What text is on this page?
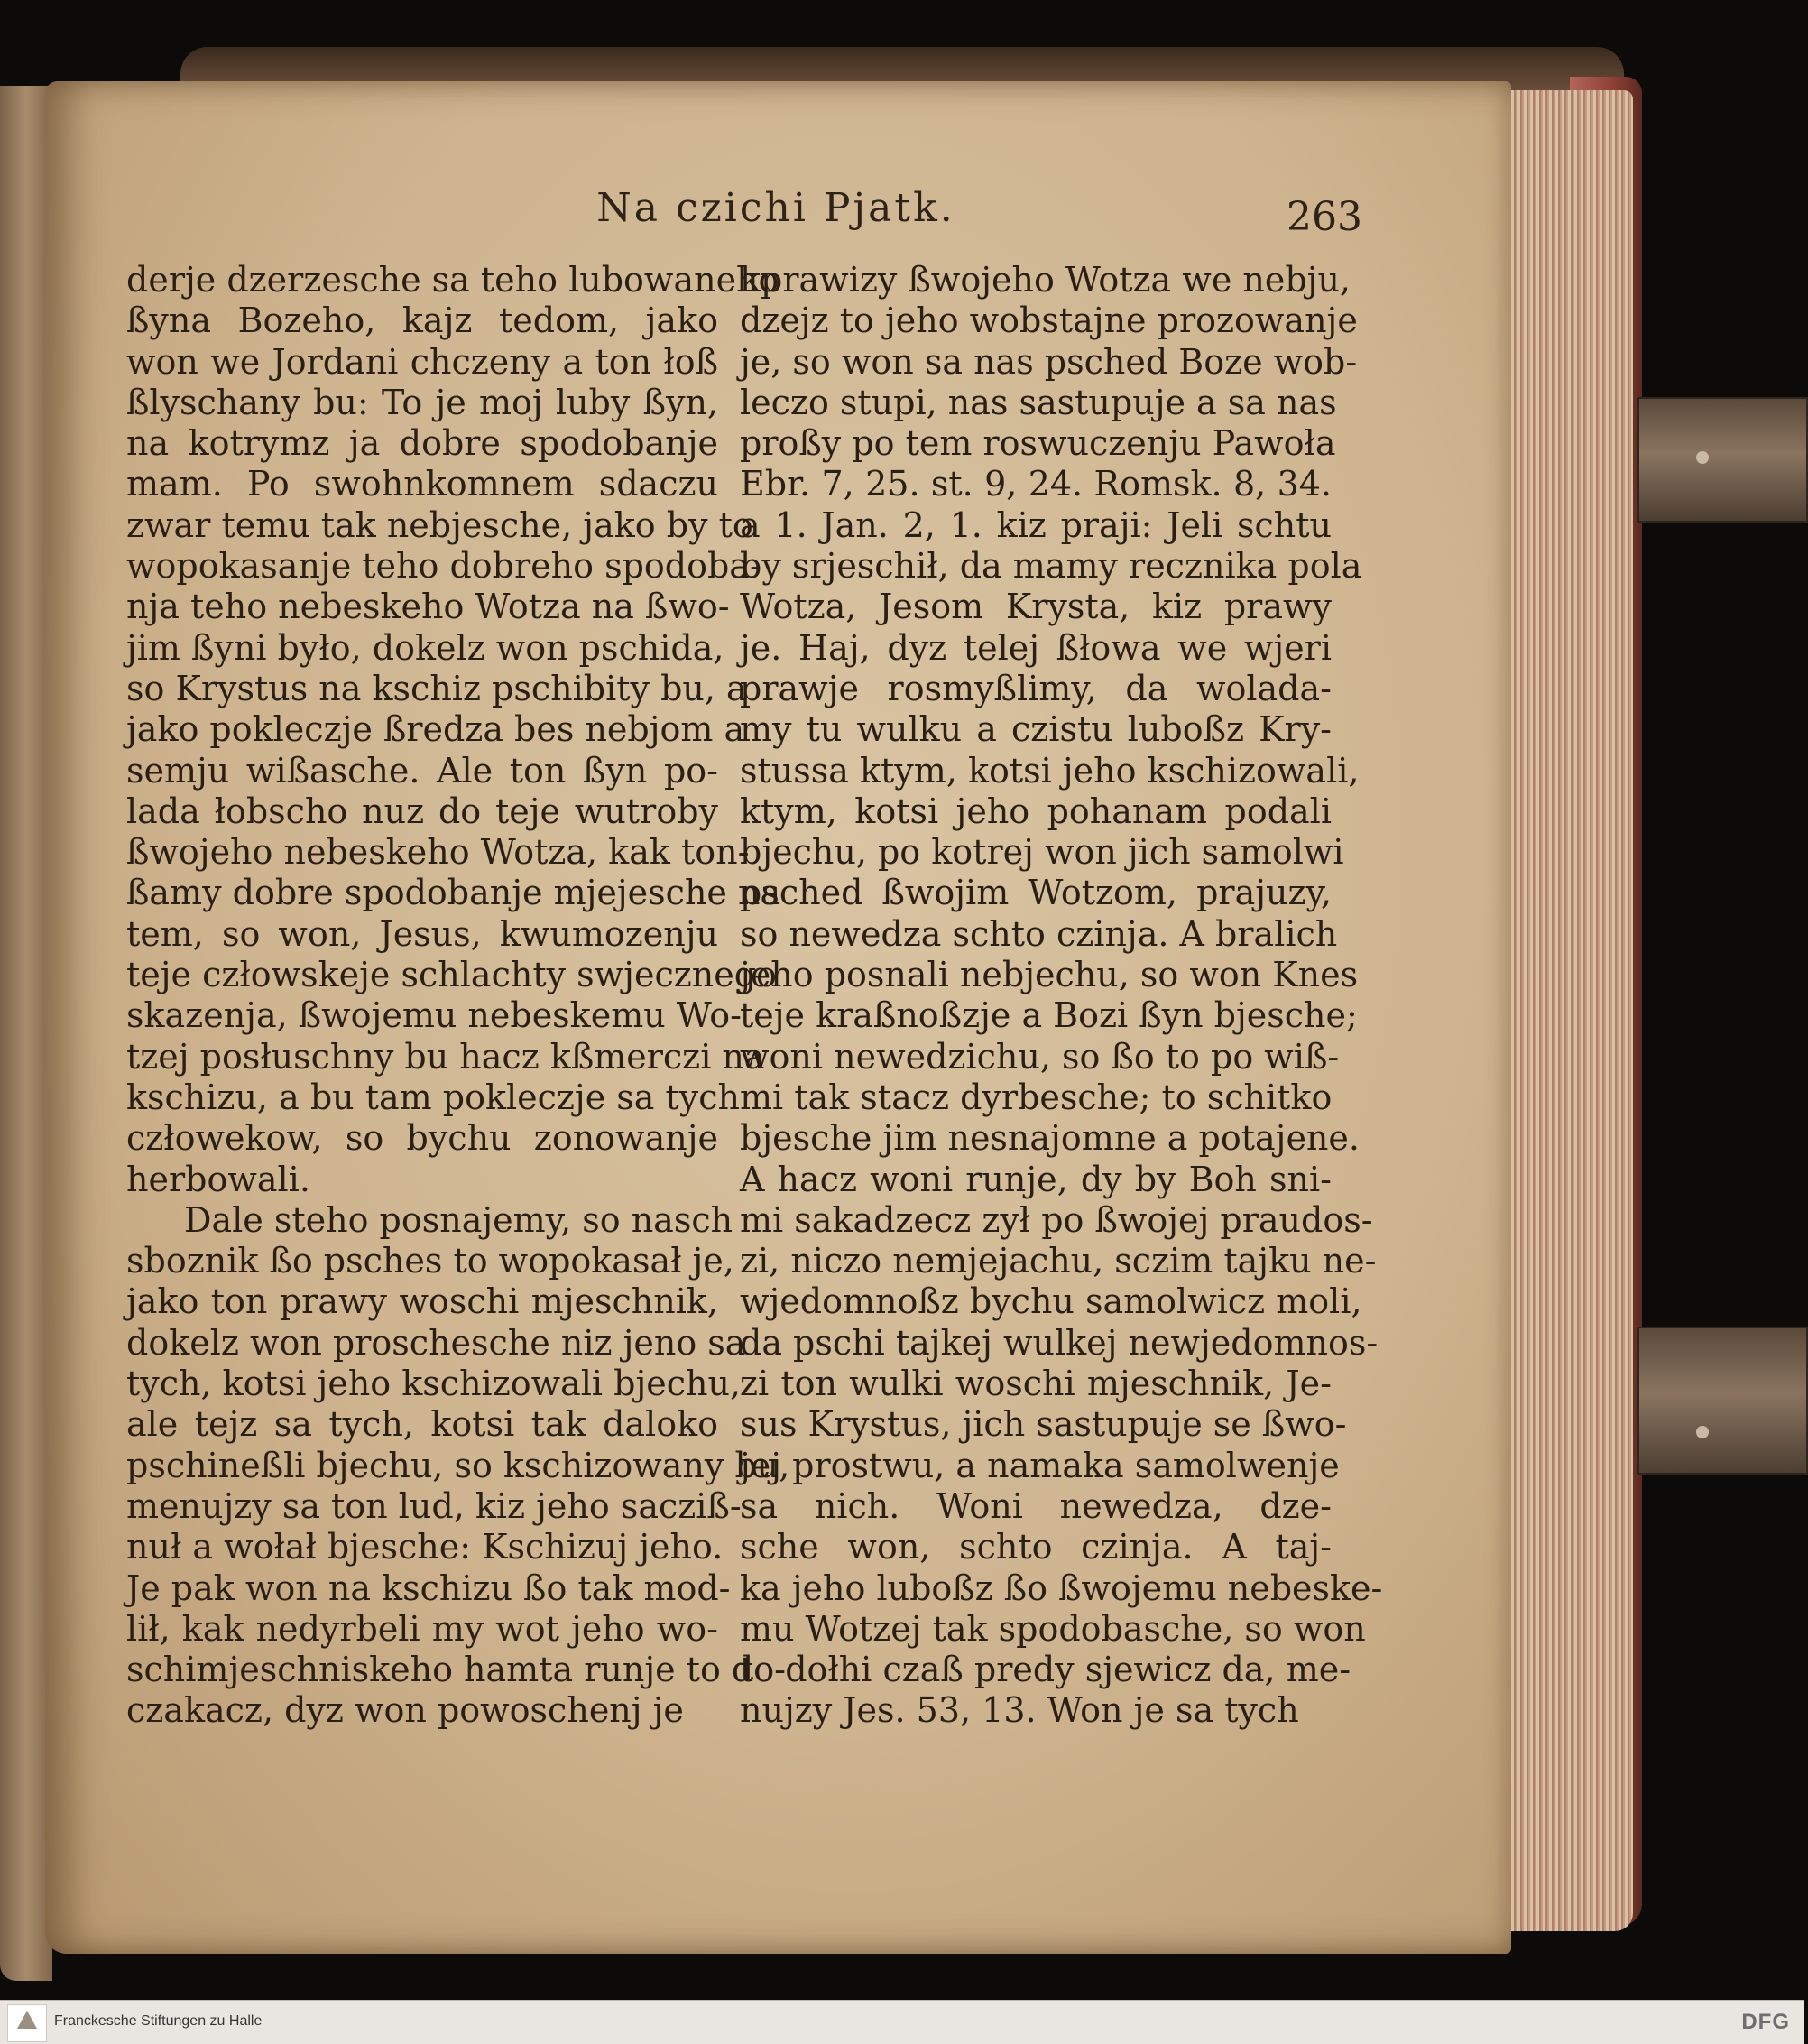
Na czichi Pjatk.	263
derje dzerzesche sa teho lubowaneho
ßyna Bozeho, kajz tedom, jako
won we Jordani chczeny a ton łoß
ßlyschany bu: To je moj luby ßyn,
na kotrymz ja dobre spodobanje
mam. Po swohnkomnem sdaczu
zwar temu tak nebjesche, jako by to
wopokasanje teho dobreho spodoba-
nja teho nebeskeho Wotza na ßwo-
jim ßyni było, dokelz won pschida,
so Krystus na kschiz pschibity bu, a
jako pokleczje ßredza bes nebjom a
semju wißasche. Ale ton ßyn po-
lada łobscho nuz do teje wutroby
ßwojeho nebeskeho Wotza, kak ton-
ßamy dobre spodobanje mjejesche na
tem, so won, Jesus, kwumozenju
teje człowskeje schlachty swjecznego
skazenja, ßwojemu nebeskemu Wo-
tzej posłuschny bu hacz kßmerczi na
kschizu, a bu tam pokleczje sa tych
człowekow, so bychu zonowanje
herbowali.
Dale steho posnajemy, so nasch
sboznik ßo psches to wopokasał je,
jako ton prawy woschi mjeschnik,
dokelz won proschesche niz jeno sa
tych, kotsi jeho kschizowali bjechu,
ale tejz sa tych, kotsi tak daloko
pschineßli bjechu, so kschizowany bu,
menujzy sa ton lud, kiz jeho sacziß-
nuł a wołał bjesche: Kschizuj jeho.
Je pak won na kschizu ßo tak mod-
lił, kak nedyrbeli my wot jeho wo-
schimjeschniskeho hamta runje to do-
czakacz, dyz won powoschenj je
kprawizy ßwojeho Wotza we nebju,
dzejz to jeho wobstajne prozowanje
je, so won sa nas psched Boze wob-
leczo stupi, nas sastupuje a sa nas
proßy po tem roswuczenju Pawoła
Ebr. 7, 25. st. 9, 24. Romsk. 8, 34.
a 1. Jan. 2, 1. kiz praji: Jeli schtu
by srjeschił, da mamy recznika pola
Wotza, Jesom Krysta, kiz prawy
je. Haj, dyz telej ßłowa we wjeri
prawje rosmyßlimy, da wolada-
my tu wulku a czistu luboßz Kry-
stussa ktym, kotsi jeho kschizowali,
ktym, kotsi jeho pohanam podali
bjechu, po kotrej won jich samolwi
psched ßwojim Wotzom, prajuzy,
so newedza schto czinja. A bralich
jeho posnali nebjechu, so won Knes
teje kraßnoßzje a Bozi ßyn bjesche;
woni newedzichu, so ßo to po wiß-
mi tak stacz dyrbesche; to schitko
bjesche jim nesnajomne a potajene.
A hacz woni runje, dy by Boh sni-
mi sakadzecz zył po ßwojej praudos-
zi, niczo nemjejachu, sczim tajku ne-
wjedomnoßz bychu samolwicz moli,
da pschi tajkej wulkej newjedomnos-
zi ton wulki woschi mjeschnik, Je-
sus Krystus, jich sastupuje se ßwo-
jej prostwu, a namaka samolwenje
sa nich. Woni newedza, dze-
sche won, schto czinja. A taj-
ka jeho luboßz ßo ßwojemu nebeske-
mu Wotzej tak spodobasche, so won
to dołhi czaß predy sjewicz da, me-
nujzy Jes. 53, 13. Won je sa tych
Franckesche Stiftungen zu Halle	DFG
